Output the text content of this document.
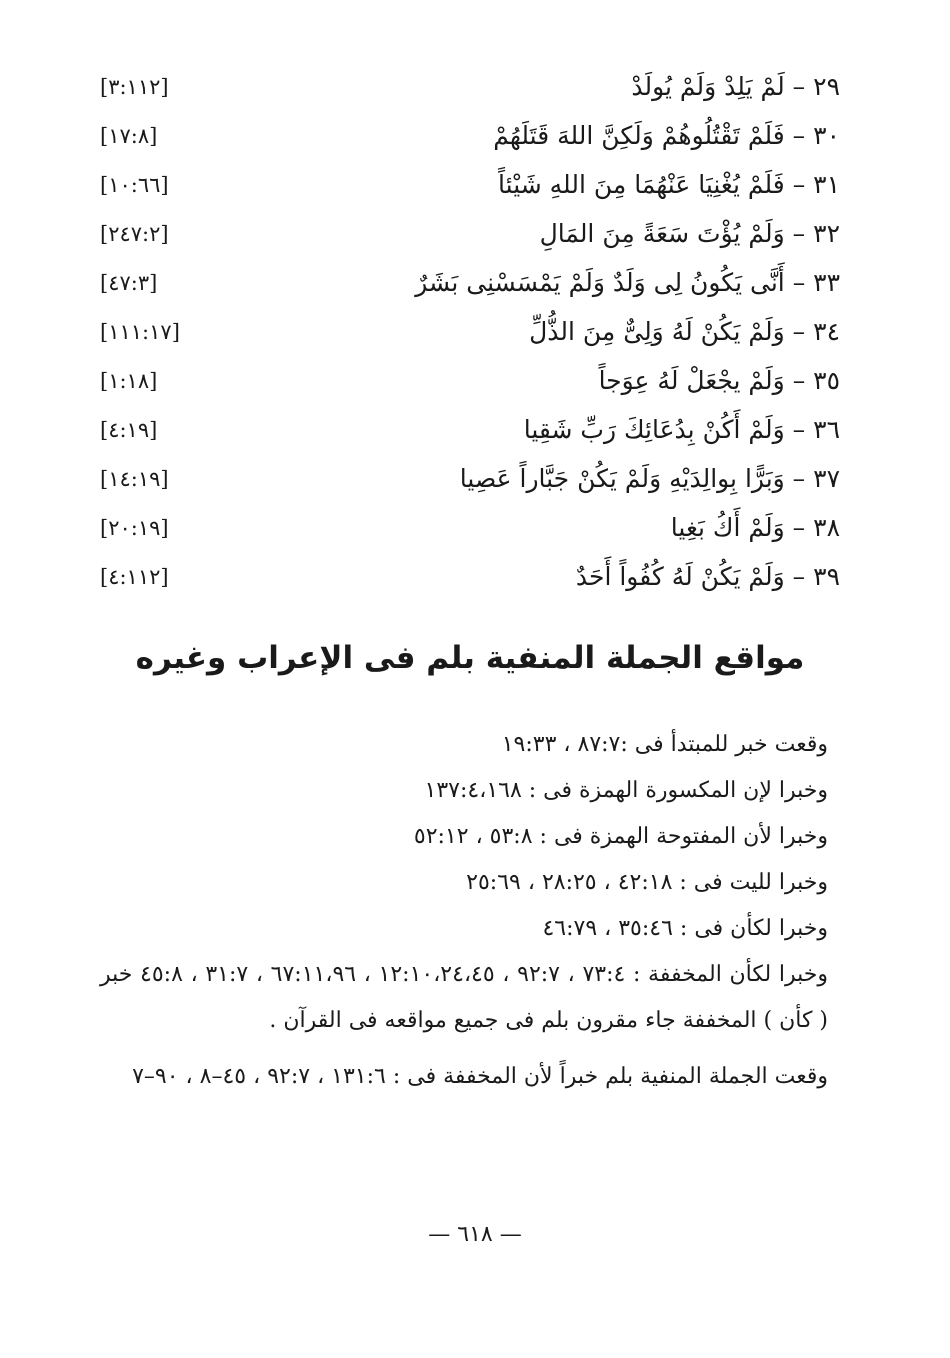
[٣:١١٢]	٢٩ – لَمْ يَلِدْ وَلَمْ يُولَدْ
[١٧:٨]	٣٠ – فَلَمْ تَقْتُلُوهُمْ وَلَكِنَّ اللهَ قَتَلَهُمْ
[١٠:٦٦]	٣١ – فَلَمْ يُغْنِيَا عَنْهُمَا مِنَ اللهِ شَيْئاً
[٢٤٧:٢]	٣٢ – وَلَمْ يُؤْتَ سَعَةً مِنَ المَالِ
[٤٧:٣]	٣٣ – أَنَّى يَكُونُ لِى وَلَدٌ وَلَمْ يَمْسَسْنِى بَشَرٌ
[١١١:١٧]	٣٤ – وَلَمْ يَكُنْ لَهُ وَلِىٌّ مِنَ الذُّلِّ
[١:١٨]	٣٥ – وَلَمْ يجْعَلْ لَهُ عِوَجاً
[٤:١٩]	٣٦ – وَلَمْ أَكُنْ بِدُعَائِكَ رَبِّ شَقِيا
[١٤:١٩]	٣٧ – وَبَرًّا بِوالِدَيْهِ وَلَمْ يَكُنْ جَبَّاراً عَصِيا
[٢٠:١٩]	٣٨ – وَلَمْ أَكُ بَغِيا
[٤:١١٢]	٣٩ – وَلَمْ يَكُنْ لَهُ كُفُواً أَحَدٌ
مواقع الجملة المنفية بلم فى الإعراب وغيره
وقعت خبر للمبتدأ فى :٨٧:٧ ، ١٩:٣٣
وخبرا لإن المكسورة الهمزة فى : ١٣٧:٤،١٦٨
وخبرا لأن المفتوحة الهمزة فى : ٥٣:٨ ، ٥٢:١٢
وخبرا لليت فى : ٤٢:١٨ ، ٢٨:٢٥ ، ٢٥:٦٩
وخبرا لكأن فى : ٣٥:٤٦ ، ٤٦:٧٩
وخبرا لكأن المخففة : ٧٣:٤ ، ٩٢:٧ ، ١٢:١٠،٢٤،٤٥ ، ٦٧:١١،٩٦ ، ٣١:٧ ، ٤٥:٨ خبر ( كأن ) المخففة جاء مقرون بلم فى جميع مواقعه فى القرآن .
وقعت الجملة المنفية بلم خبراً لأن المخففة فى : ١٣١:٦ ، ٩٢:٧ ، ٤٥–٨ ، ٩٠–٧
— ٦١٨ —
